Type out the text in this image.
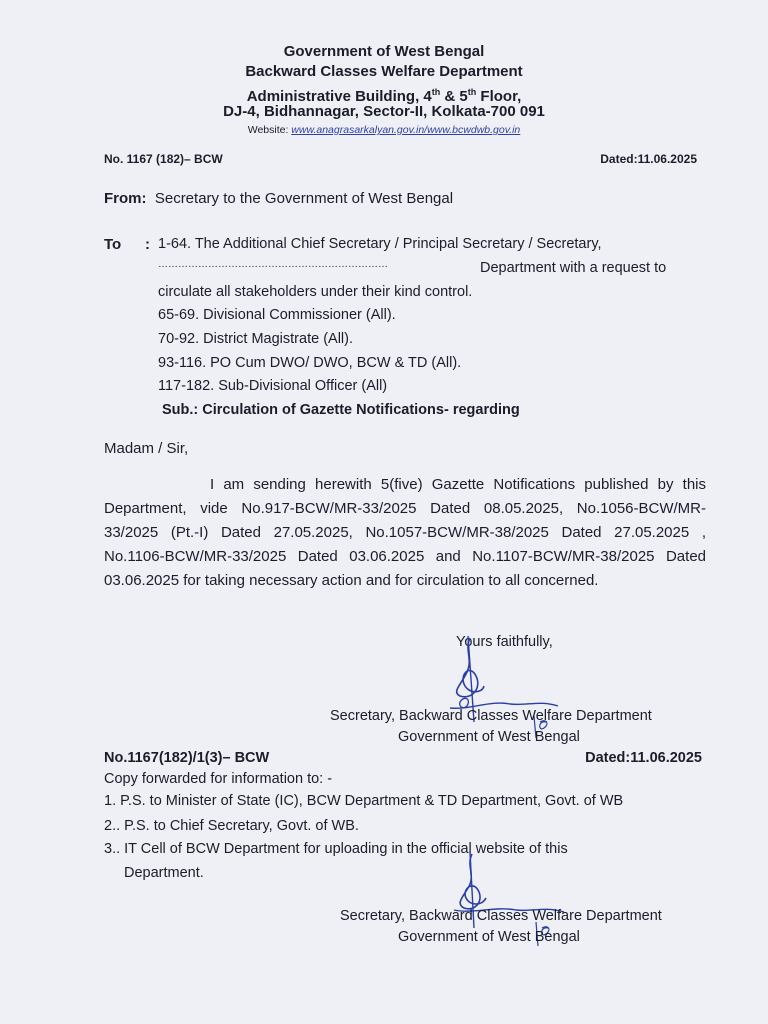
Government of West Bengal
Backward Classes Welfare Department
Administrative Building, 4th & 5th Floor,
DJ-4, Bidhannagar, Sector-II, Kolkata-700 091
Website: www.anagrasarkalyan.gov.in/www.bcwdwb.gov.in
No. 1167 (182)– BCW	Dated:11.06.2025
From: Secretary to the Government of West Bengal
To : 1-64. The Additional Chief Secretary / Principal Secretary / Secretary,
……………………………………………………………	Department with a request to
circulate all stakeholders under their kind control.
65-69. Divisional Commissioner (All).
70-92. District Magistrate (All).
93-116. PO Cum DWO/ DWO, BCW & TD (All).
117-182. Sub-Divisional Officer (All)
Sub.: Circulation of Gazette Notifications- regarding
Madam / Sir,
I am sending herewith 5(five) Gazette Notifications published by this Department, vide No.917-BCW/MR-33/2025 Dated 08.05.2025, No.1056-BCW/MR-33/2025 (Pt.-I) Dated 27.05.2025, No.1057-BCW/MR-38/2025 Dated 27.05.2025 , No.1106-BCW/MR-33/2025 Dated 03.06.2025 and No.1107-BCW/MR-38/2025 Dated 03.06.2025 for taking necessary action and for circulation to all concerned.
Yours faithfully,
Secretary, Backward Classes Welfare Department
Government of West Bengal
No.1167(182)/1(3)– BCW	Dated:11.06.2025
Copy forwarded for information to: -
1. P.S. to Minister of State (IC), BCW Department & TD Department, Govt. of WB
2.. P.S. to Chief Secretary, Govt. of WB.
3.. IT Cell of BCW Department for uploading in the official website of this
Department.
Secretary, Backward Classes Welfare Department
Government of West Bengal
